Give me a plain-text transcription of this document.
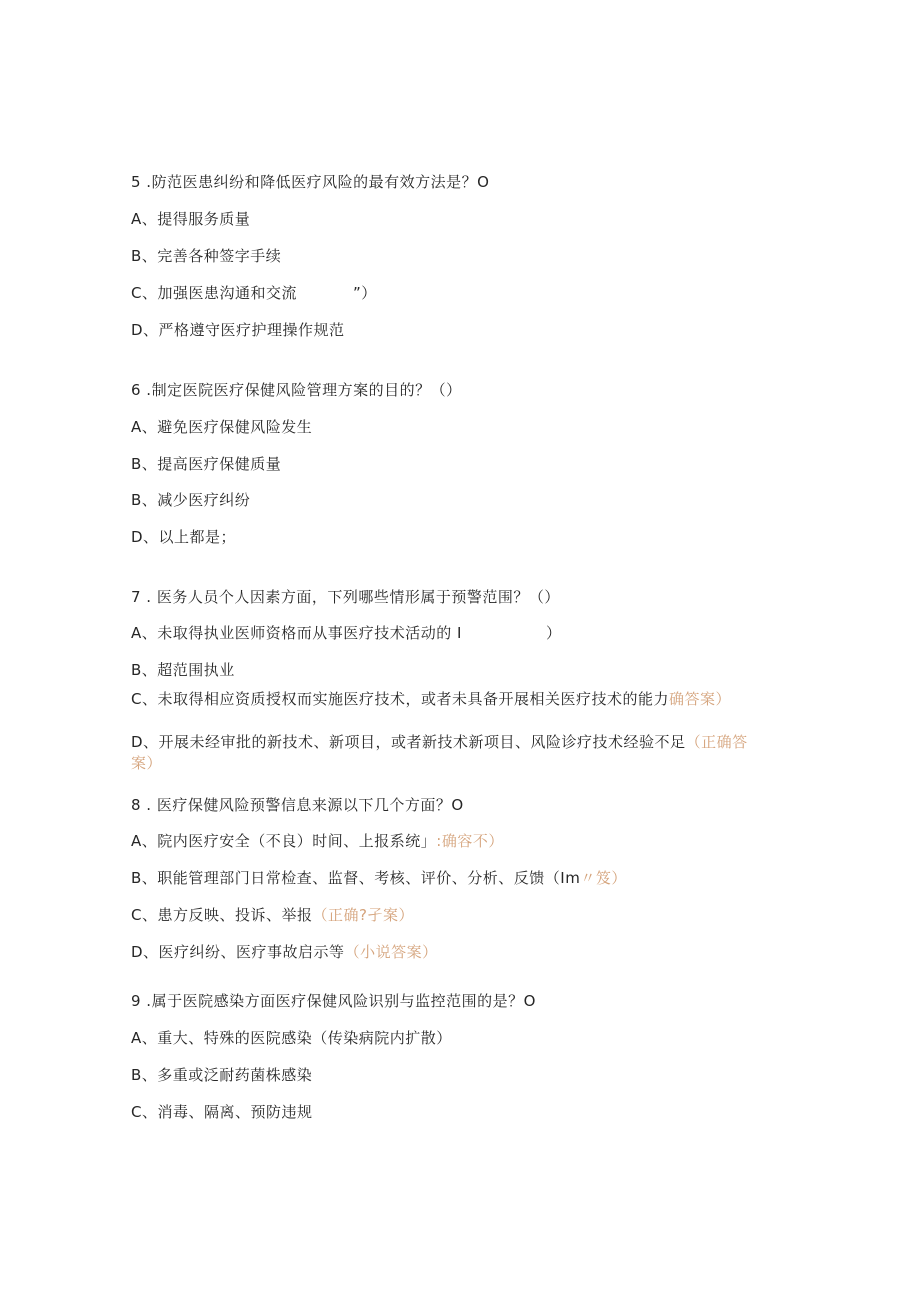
5 .防范医患纠纷和降低医疗风险的最有效方法是？O
A、提得服务质量
B、完善各种签字手续
C、加强医患沟通和交流	”）
D、严格遵守医疗护理操作规范
6 .制定医院医疗保健风险管理方案的目的？（）
A、避免医疗保健风险发生
B、提高医疗保健质量
B、减少医疗纠纷
D、以上都是；
7 . 医务人员个人因素方面，下列哪些情形属于预警范围？（）
A、未取得执业医师资格而从事医疗技术活动的 I	）
B、超范围执业
C、未取得相应资质授权而实施医疗技术，或者未具备开展相关医疗技术的能力确答案）
D、开展未经审批的新技术、新项目，或者新技术新项目、风险诊疗技术经验不足（正确答案）
8 . 医疗保健风险预警信息来源以下几个方面？O
A、院内医疗安全（不良）时间、上报系统」:确容不）
B、职能管理部门日常检查、监督、考核、评价、分析、反馈（Im〃笈）
C、患方反映、投诉、举报（正确?孑案）
D、医疗纠纷、医疗事故启示等（小说答案）
9 .属于医院感染方面医疗保健风险识别与监控范围的是？O
A、重大、特殊的医院感染（传染病院内扩散）
B、多重或泛耐药菌株感染
C、消毒、隔离、预防违规
